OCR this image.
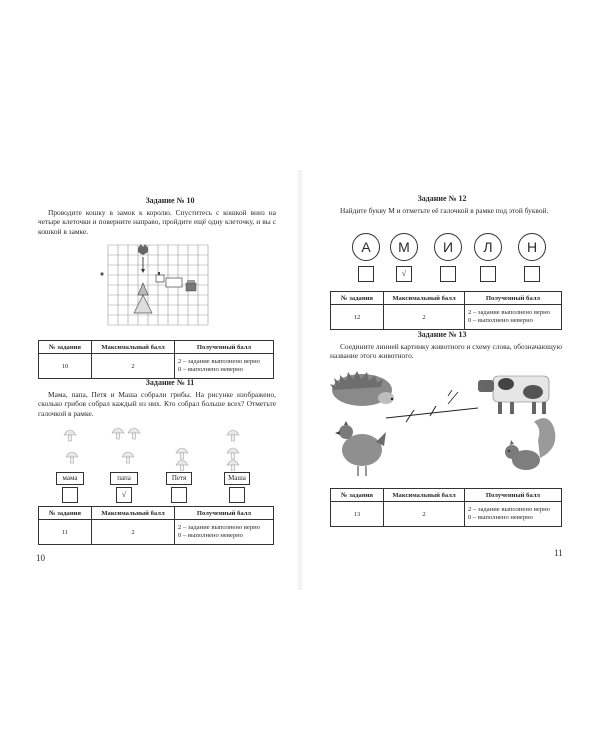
Задание № 10
Проводите кошку в замок к королю. Спуститесь с кошкой вниз на четыре клеточки и поверните направо, пройдите ещё одну клеточку, и вы с кошкой в замке.
№ задания	Максимальный балл	Полученный балл
10	2	2 – задание выполнено верно
0 – выполнено неверно
Задание № 11
Мама, папа, Петя и Маша собрали грибы. На рисунке изображено, сколько грибов собрал каждый из них. Кто собрал больше всех? Отметьте галочкой в рамке.
мама	папа	Петя	Маша
√
№ задания	Максимальный балл	Полученный балл
11	2	2 – задание выполнено верно
0 – выполнено неверно
10
Задание № 12
Найдите букву М и отметьте её галочкой в рамке под этой буквой.
А	М	И	Л	Н
√
№ задания	Максимальный балл	Полученный балл
12	2	2 – задание выполнено верно
0 – выполнено неверно
Задание № 13
Соедините линией картинку животного и схему слова, обозначающую название этого животного.
№ задания	Максимальный балл	Полученный балл
13	2	2 – задание выполнено верно
0 – выполнено неверно
11
